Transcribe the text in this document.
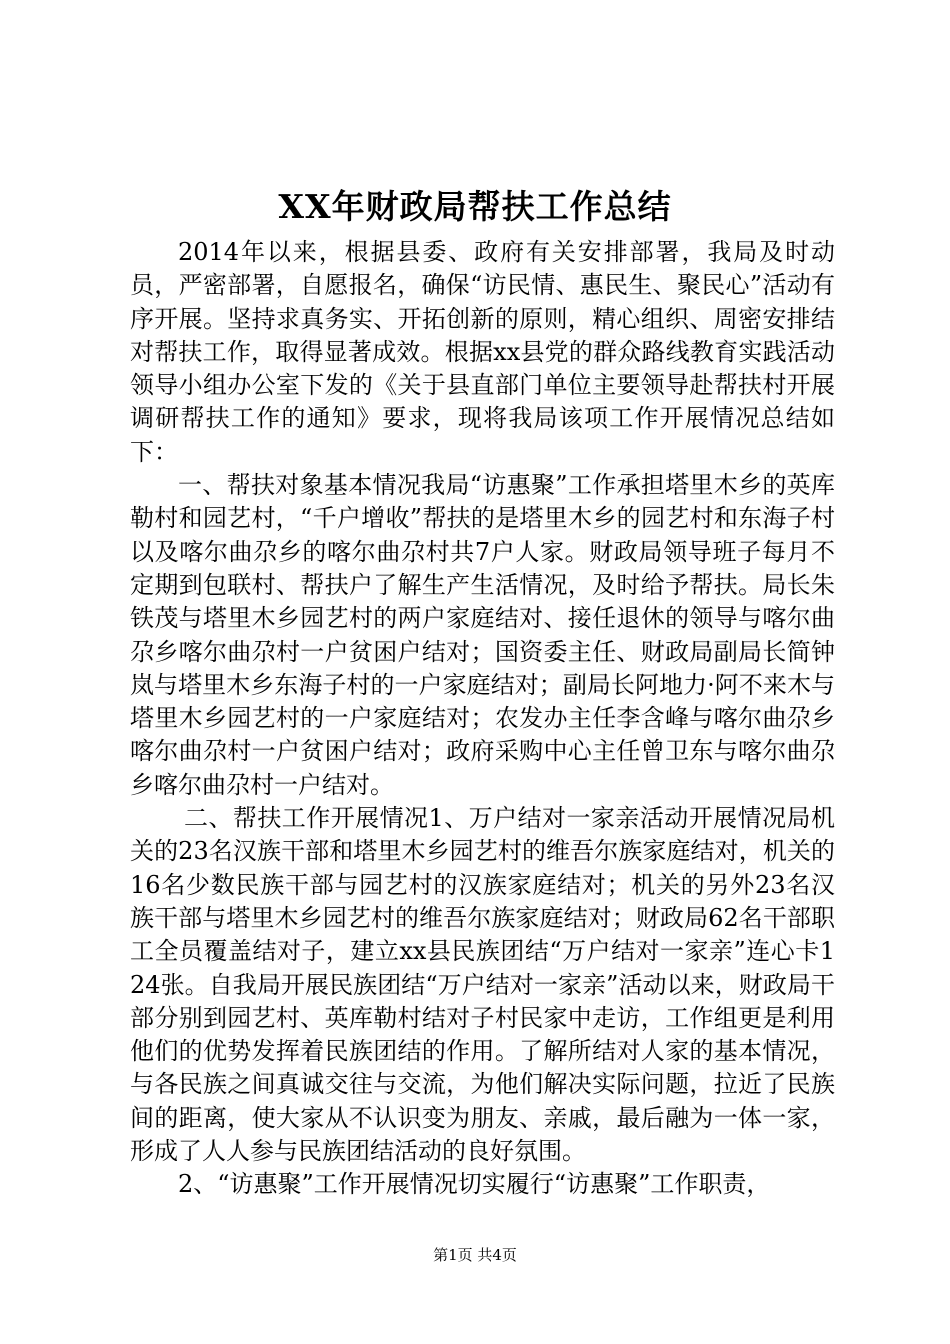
XX年财政局帮扶工作总结

2014年以来，根据县委、政府有关安排部署，我局及时动员，严密部署，自愿报名，确保“访民情、惠民生、聚民心”活动有序开展。坚持求真务实、开拓创新的原则，精心组织、周密安排结对帮扶工作，取得显著成效。根据xx县党的群众路线教育实践活动领导小组办公室下发的《关于县直部门单位主要领导赴帮扶村开展调研帮扶工作的通知》要求，现将我局该项工作开展情况总结如下：

一、帮扶对象基本情况我局“访惠聚”工作承担塔里木乡的英库勒村和园艺村，“千户增收”帮扶的是塔里木乡的园艺村和东海子村以及喀尔曲尕乡的喀尔曲尕村共7户人家。财政局领导班子每月不定期到包联村、帮扶户了解生产生活情况，及时给予帮扶。局长朱铁茂与塔里木乡园艺村的两户家庭结对、接任退休的领导与喀尔曲尕乡喀尔曲尕村一户贫困户结对；国资委主任、财政局副局长简钟岚与塔里木乡东海子村的一户家庭结对；副局长阿地力·阿不来木与塔里木乡园艺村的一户家庭结对；农发办主任李含峰与喀尔曲尕乡喀尔曲尕村一户贫困户结对；政府采购中心主任曾卫东与喀尔曲尕乡喀尔曲尕村一户结对。

二、帮扶工作开展情况1、万户结对一家亲活动开展情况局机关的23名汉族干部和塔里木乡园艺村的维吾尔族家庭结对，机关的16名少数民族干部与园艺村的汉族家庭结对；机关的另外23名汉族干部与塔里木乡园艺村的维吾尔族家庭结对；财政局62名干部职工全员覆盖结对子，建立xx县民族团结“万户结对一家亲”连心卡124张。自我局开展民族团结“万户结对一家亲”活动以来，财政局干部分别到园艺村、英库勒村结对子村民家中走访，工作组更是利用他们的优势发挥着民族团结的作用。了解所结对人家的基本情况，与各民族之间真诚交往与交流，为他们解决实际问题，拉近了民族间的距离，使大家从不认识变为朋友、亲戚，最后融为一体一家，形成了人人参与民族团结活动的良好氛围。

2、“访惠聚”工作开展情况切实履行“访惠聚”工作职责，

第1页 共4页
